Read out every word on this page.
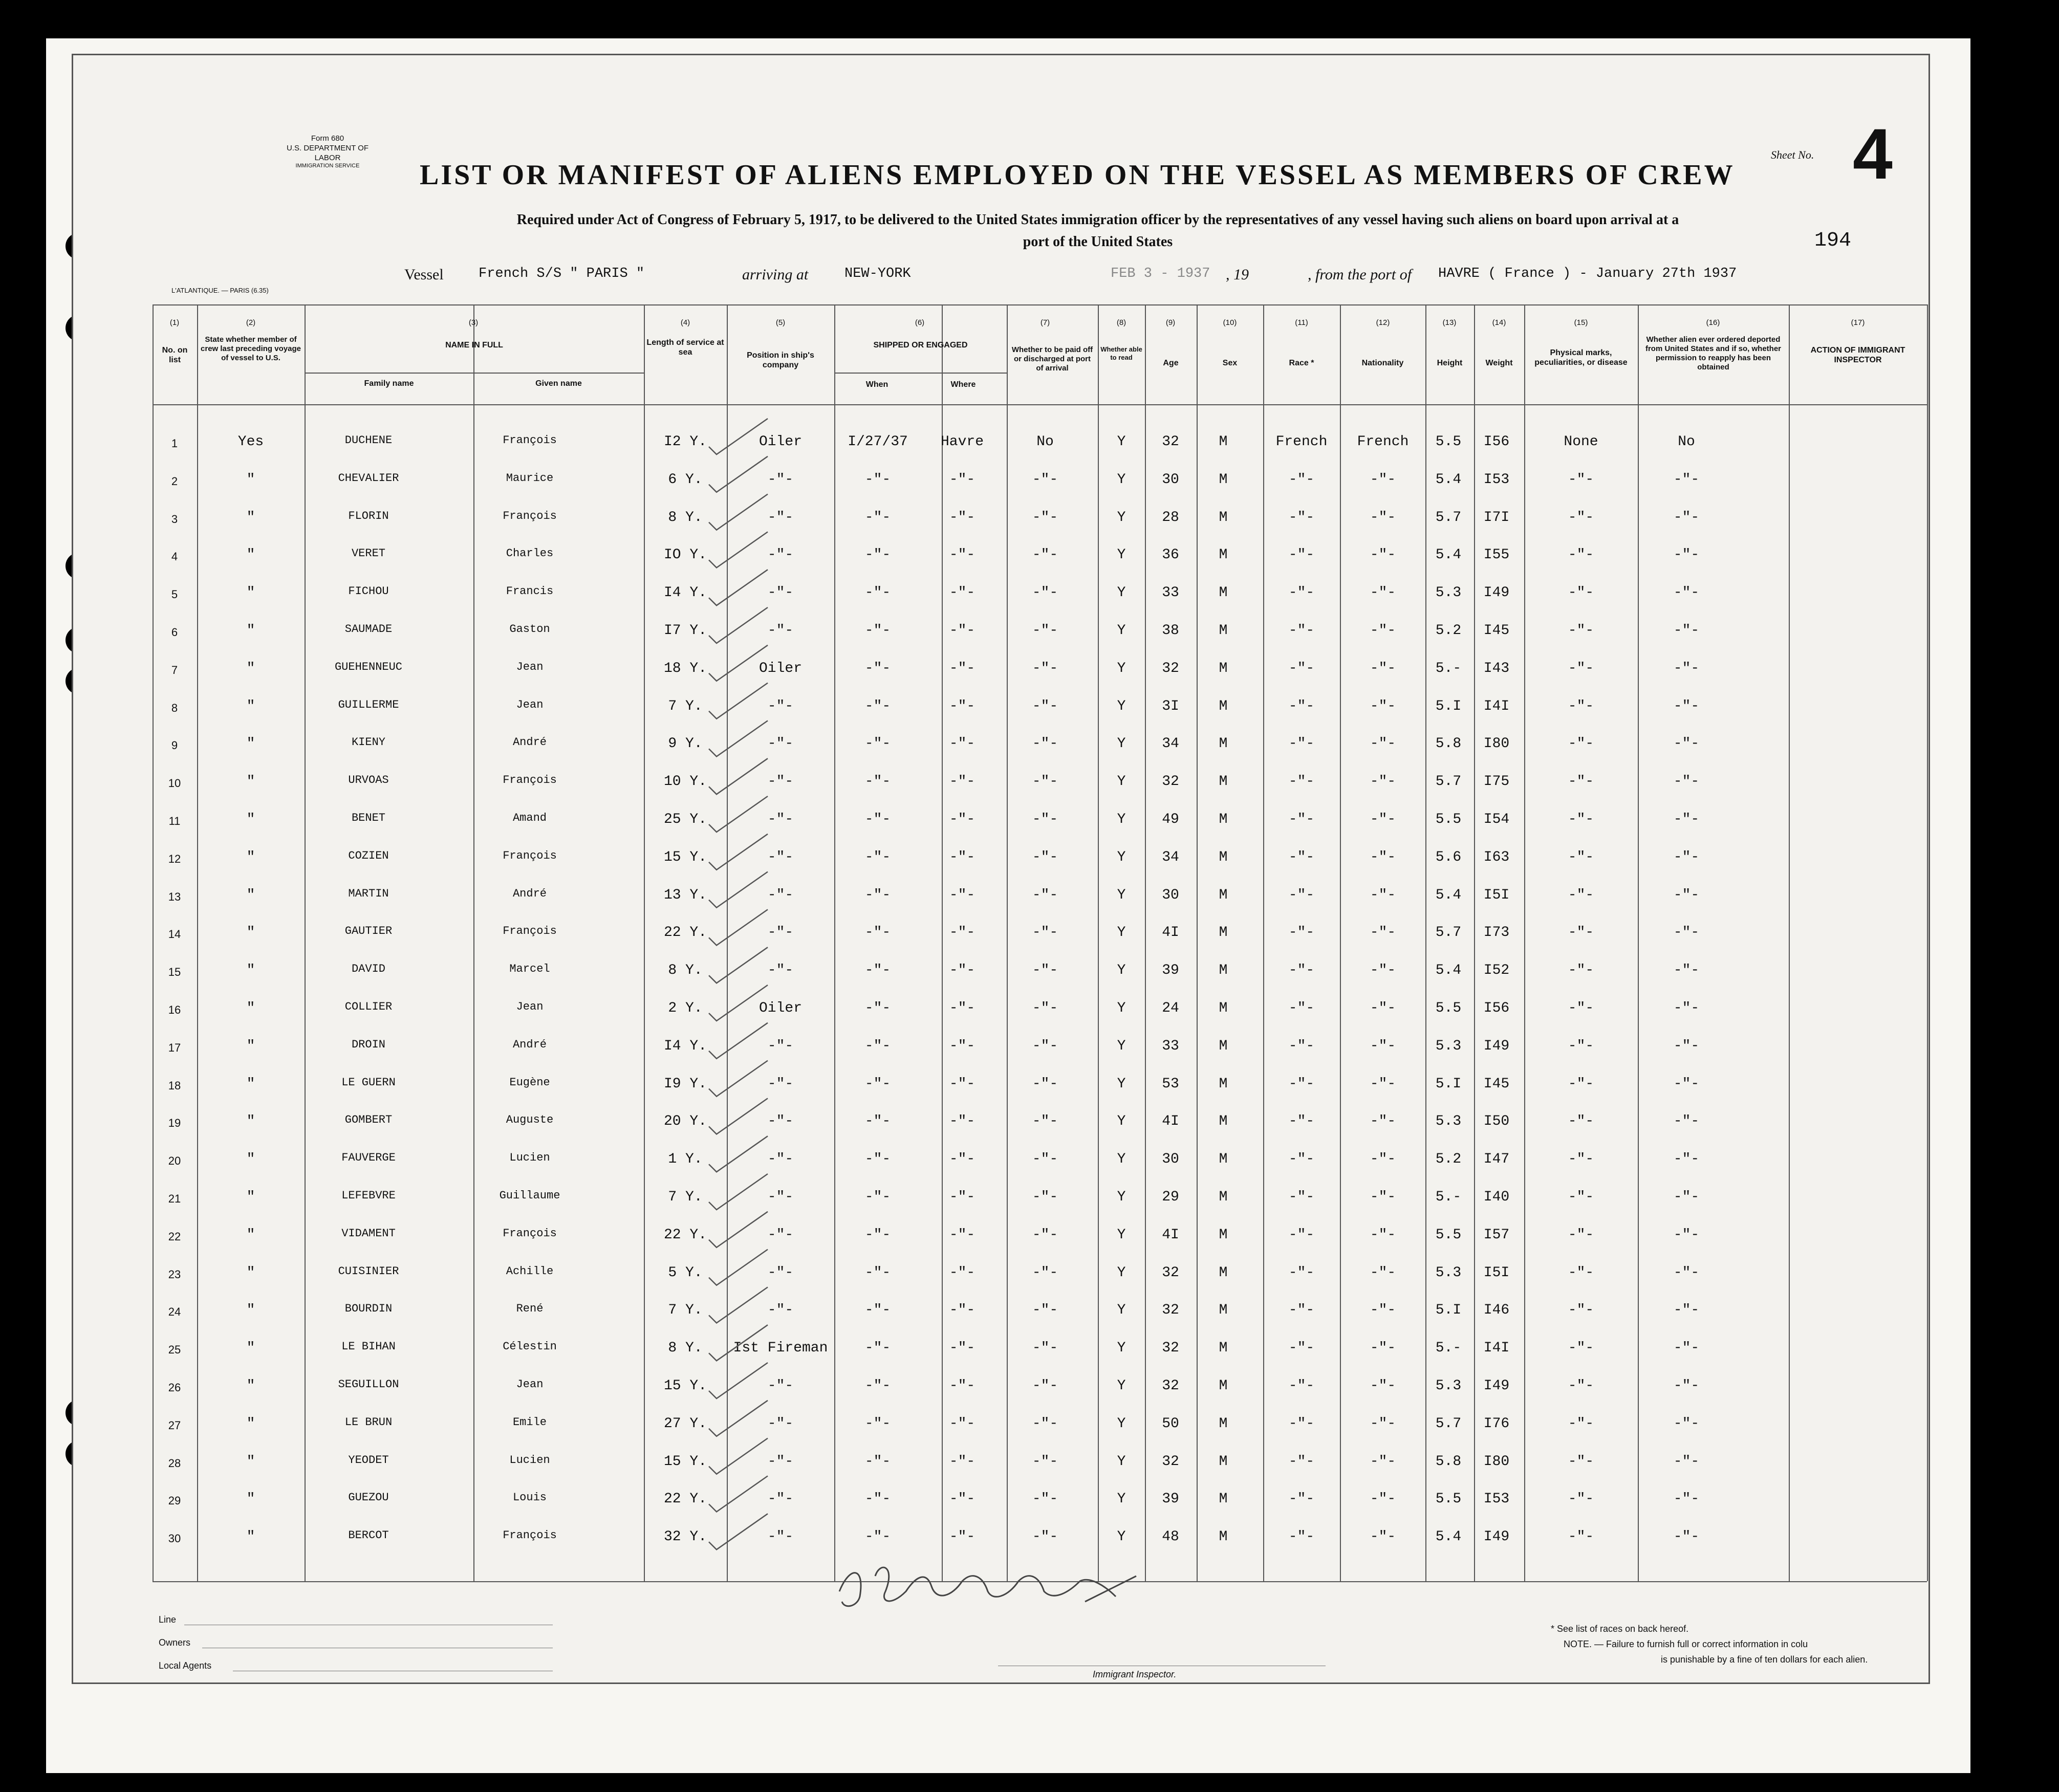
Form 680
U.S. DEPARTMENT OF LABOR
IMMIGRATION SERVICE	LIST OR MANIFEST OF ALIENS EMPLOYED ON THE VESSEL AS MEMBERS OF CREW
Sheet No. 4
Required under Act of Congress of February 5, 1917, to be delivered to the United States immigration officer by the representatives of any vessel having such aliens on board upon arrival at a
port of the United States	194
Vessel	French S/S " PARIS "	arriving at	NEW-YORK	FEB 3 - 1937 , 19	, from the port of HAVRE ( France ) - January 27th 1937
L'ATLANTIQUE. — PARIS (6.35)
(1)	(2)	(3)	(4)	(5)	(6)	(7)	(8)	(9)	(10)	(11)	(12)	(13)	(14)	(15)	(16)	(17)
No. on list
State whether member of crew last preceding voyage of vessel to U.S.
NAME IN FULL
Family name	Given name
Length of service at sea	Position in ship's company
SHIPPED OR ENGAGED
When	Where
Whether to be paid off or discharged at port of arrival
Whether able to read
Age	Sex	Race *	Nationality	Height	Weight
Physical marks, peculiarities, or disease
Whether alien ever ordered deported from United States and if so, whether permission to reapply has been obtained
ACTION OF IMMIGRANT INSPECTOR
1	Yes	DUCHENE	François	I2 Y.	Oiler	I/27/37	Havre	No	Y	32	M	French	French	5.5	I56	None	No
2	"	CHEVALIER	Maurice	6 Y.	-"-	-"-	-"-	-"-	Y	30	M	-"-	-"-	5.4	I53	-"-	-"-
3	"	FLORIN	François	8 Y.	-"-	-"-	-"-	-"-	Y	28	M	-"-	-"-	5.7	I7I	-"-	-"-
4	"	VERET	Charles	IO Y.	-"-	-"-	-"-	-"-	Y	36	M	-"-	-"-	5.4	I55	-"-	-"-
5	"	FICHOU	Francis	I4 Y.	-"-	-"-	-"-	-"-	Y	33	M	-"-	-"-	5.3	I49	-"-	-"-
6	"	SAUMADE	Gaston	I7 Y.	-"-	-"-	-"-	-"-	Y	38	M	-"-	-"-	5.2	I45	-"-	-"-
7	"	GUEHENNEUC	Jean	18 Y.	Oiler	-"-	-"-	-"-	Y	32	M	-"-	-"-	5.-	I43	-"-	-"-
8	"	GUILLERME	Jean	7 Y.	-"-	-"-	-"-	-"-	Y	3I	M	-"-	-"-	5.I	I4I	-"-	-"-
9	"	KIENY	André	9 Y.	-"-	-"-	-"-	-"-	Y	34	M	-"-	-"-	5.8	I80	-"-	-"-
10	"	URVOAS	François	10 Y.	-"-	-"-	-"-	-"-	Y	32	M	-"-	-"-	5.7	I75	-"-	-"-
11	"	BENET	Amand	25 Y.	-"-	-"-	-"-	-"-	Y	49	M	-"-	-"-	5.5	I54	-"-	-"-
12	"	COZIEN	François	15 Y.	-"-	-"-	-"-	-"-	Y	34	M	-"-	-"-	5.6	I63	-"-	-"-
13	"	MARTIN	André	13 Y.	-"-	-"-	-"-	-"-	Y	30	M	-"-	-"-	5.4	I5I	-"-	-"-
14	"	GAUTIER	François	22 Y.	-"-	-"-	-"-	-"-	Y	4I	M	-"-	-"-	5.7	I73	-"-	-"-
15	"	DAVID	Marcel	8 Y.	-"-	-"-	-"-	-"-	Y	39	M	-"-	-"-	5.4	I52	-"-	-"-
16	"	COLLIER	Jean	2 Y.	Oiler	-"-	-"-	-"-	Y	24	M	-"-	-"-	5.5	I56	-"-	-"-
17	"	DROIN	André	I4 Y.	-"-	-"-	-"-	-"-	Y	33	M	-"-	-"-	5.3	I49	-"-	-"-
18	"	LE GUERN	Eugène	I9 Y.	-"-	-"-	-"-	-"-	Y	53	M	-"-	-"-	5.I	I45	-"-	-"-
19	"	GOMBERT	Auguste	20 Y.	-"-	-"-	-"-	-"-	Y	4I	M	-"-	-"-	5.3	I50	-"-	-"-
20	"	FAUVERGE	Lucien	1 Y.	-"-	-"-	-"-	-"-	Y	30	M	-"-	-"-	5.2	I47	-"-	-"-
21	"	LEFEBVRE	Guillaume	7 Y.	-"-	-"-	-"-	-"-	Y	29	M	-"-	-"-	5.-	I40	-"-	-"-
22	"	VIDAMENT	François	22 Y.	-"-	-"-	-"-	-"-	Y	4I	M	-"-	-"-	5.5	I57	-"-	-"-
23	"	CUISINIER	Achille	5 Y.	-"-	-"-	-"-	-"-	Y	32	M	-"-	-"-	5.3	I5I	-"-	-"-
24	"	BOURDIN	René	7 Y.	-"-	-"-	-"-	-"-	Y	32	M	-"-	-"-	5.I	I46	-"-	-"-
25	"	LE BIHAN	Célestin	8 Y.	Ist Fireman	-"-	-"-	-"-	Y	32	M	-"-	-"-	5.-	I4I	-"-	-"-
26	"	SEGUILLON	Jean	15 Y.	-"-	-"-	-"-	-"-	Y	32	M	-"-	-"-	5.3	I49	-"-	-"-
27	"	LE BRUN	Emile	27 Y.	-"-	-"-	-"-	-"-	Y	50	M	-"-	-"-	5.7	I76	-"-	-"-
28	"	YEODET	Lucien	15 Y.	-"-	-"-	-"-	-"-	Y	32	M	-"-	-"-	5.8	I80	-"-	-"-
29	"	GUEZOU	Louis	22 Y.	-"-	-"-	-"-	-"-	Y	39	M	-"-	-"-	5.5	I53	-"-	-"-
30	"	BERCOT	François	32 Y.	-"-	-"-	-"-	-"-	Y	48	M	-"-	-"-	5.4	I49	-"-	-"-
Line
Owners
Local Agents
Immigrant Inspector.
* See list of races on back hereof.
NOTE. — Failure to furnish full or correct information in colu
is punishable by a fine of ten dollars for each alien.
